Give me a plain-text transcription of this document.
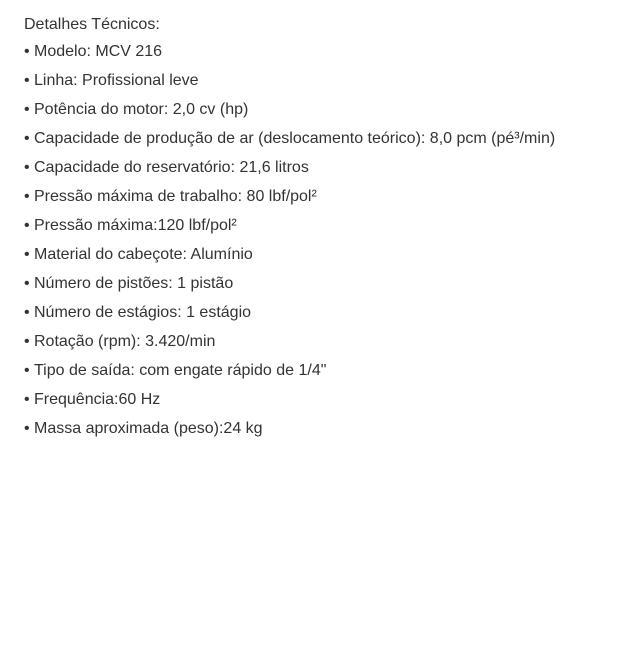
Detalhes Técnicos:
• Modelo: MCV 216
• Linha: Profissional leve
• Potência do motor: 2,0 cv (hp)
• Capacidade de produção de ar (deslocamento teórico): 8,0 pcm (pé³/min)
• Capacidade do reservatório: 21,6 litros
• Pressão máxima de trabalho: 80 lbf/pol²
• Pressão máxima:120 lbf/pol²
• Material do cabeçote: Alumínio
• Número de pistões: 1 pistão
• Número de estágios: 1 estágio
• Rotação (rpm): 3.420/min
• Tipo de saída: com engate rápido de 1/4"
• Frequência:60 Hz
• Massa aproximada (peso):24 kg
